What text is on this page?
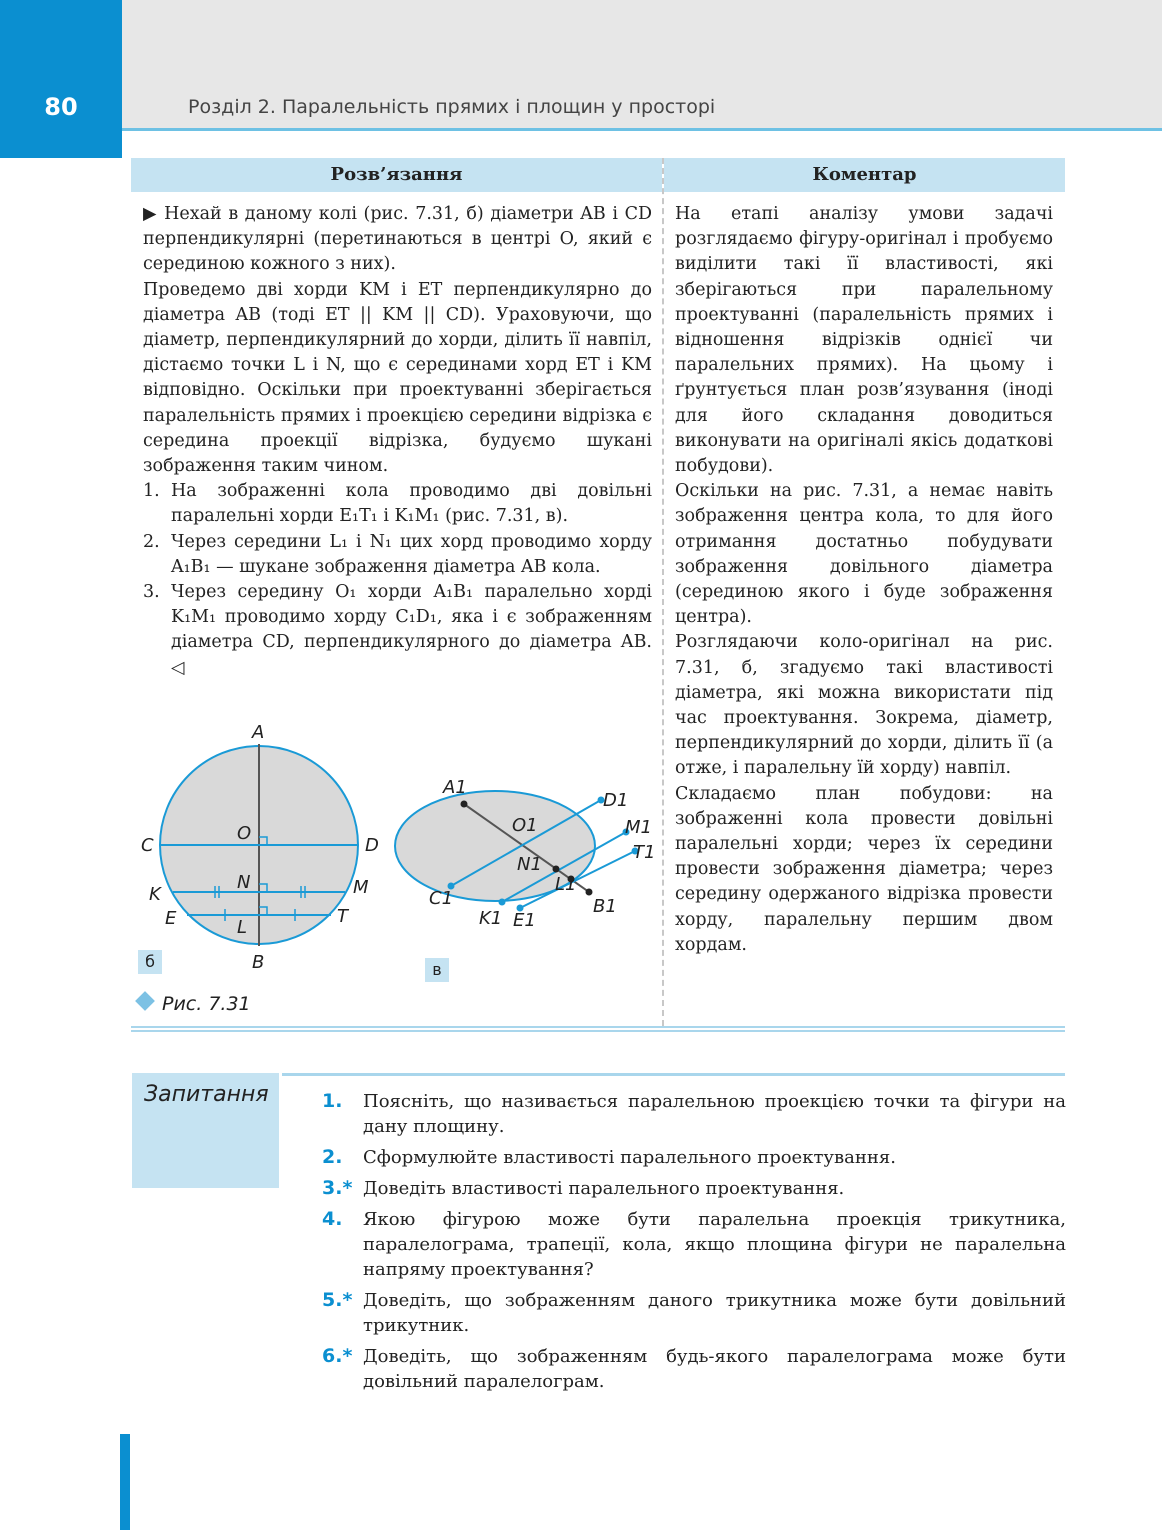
80	Розділ 2. Паралельність прямих і площин у просторі
Розв’язання	Коментар

▶ Нехай в даному колі (рис. 7.31, б) діаметри AB і CD перпендикулярні (перетинаються в центрі O, який є серединою кожного з них).

Проведемо дві хорди KM і ET перпендикулярно до діаметра AB (тоді ET || KM || CD). Ураховуючи, що діаметр, перпендикулярний до хорди, ділить її навпіл, дістаємо точки L і N, що є серединами хорд ET і KM відповідно. Оскільки при проектуванні зберігається паралельність прямих і проекцією середини відрізка є середина проекції відрізка, будуємо шукані зображення таким чином.

1. На зображенні кола проводимо дві довільні паралельні хорди E₁T₁ і K₁M₁ (рис. 7.31, в).
2. Через середини L₁ і N₁ цих хорд проводимо хорду A₁B₁ — шукане зображення діаметра AB кола.
3. Через середину O₁ хорди A₁B₁ паралельно хорді K₁M₁ проводимо хорду C₁D₁, яка і є зображенням діаметра CD, перпендикулярного до діаметра AB. ◁

На етапі аналізу умови задачі розглядаємо фігуру-оригінал і пробуємо виділити такі її властивості, які зберігаються при паралельному проектуванні (паралельність прямих і відношення відрізків однієї чи паралельних прямих). На цьому і ґрунтується план розв’язування (іноді для його складання доводиться виконувати на оригіналі якісь додаткові побудови).

Оскільки на рис. 7.31, а немає навіть зображення центра кола, то для його отримання достатньо побудувати зображення довільного діаметра (серединою якого і буде зображення центра).

Розглядаючи коло-оригінал на рис. 7.31, б, згадуємо такі властивості діаметра, які можна використати під час проектування. Зокрема, діаметр, перпендикулярний до хорди, ділить її (а отже, і паралельну їй хорду) навпіл.

Складаємо план побудови: на зображенні кола провести довільні паралельні хорди; через їх середини провести зображення діаметра; через середину одержаного відрізка провести хорду, паралельну першим двом хордам.

A
B
C	D
O
K	M
N
E	T
L
A1
D1
O1	M1
T1
N1
L1
C1
K1 E1
B1
б	в
Рис. 7.31
Запитання	1. Поясніть, що називається паралельною проекцією точки та фігури на дану площину.
2. Сформулюйте властивості паралельного проектування.
3.* Доведіть властивості паралельного проектування.
4. Якою фігурою може бути паралельна проекція трикутника, паралелограма, трапеції, кола, якщо площина фігури не паралельна напряму проектування?
5.* Доведіть, що зображенням даного трикутника може бути довільний трикутник.
6.* Доведіть, що зображенням будь-якого паралелограма може бути довільний паралелограм.
